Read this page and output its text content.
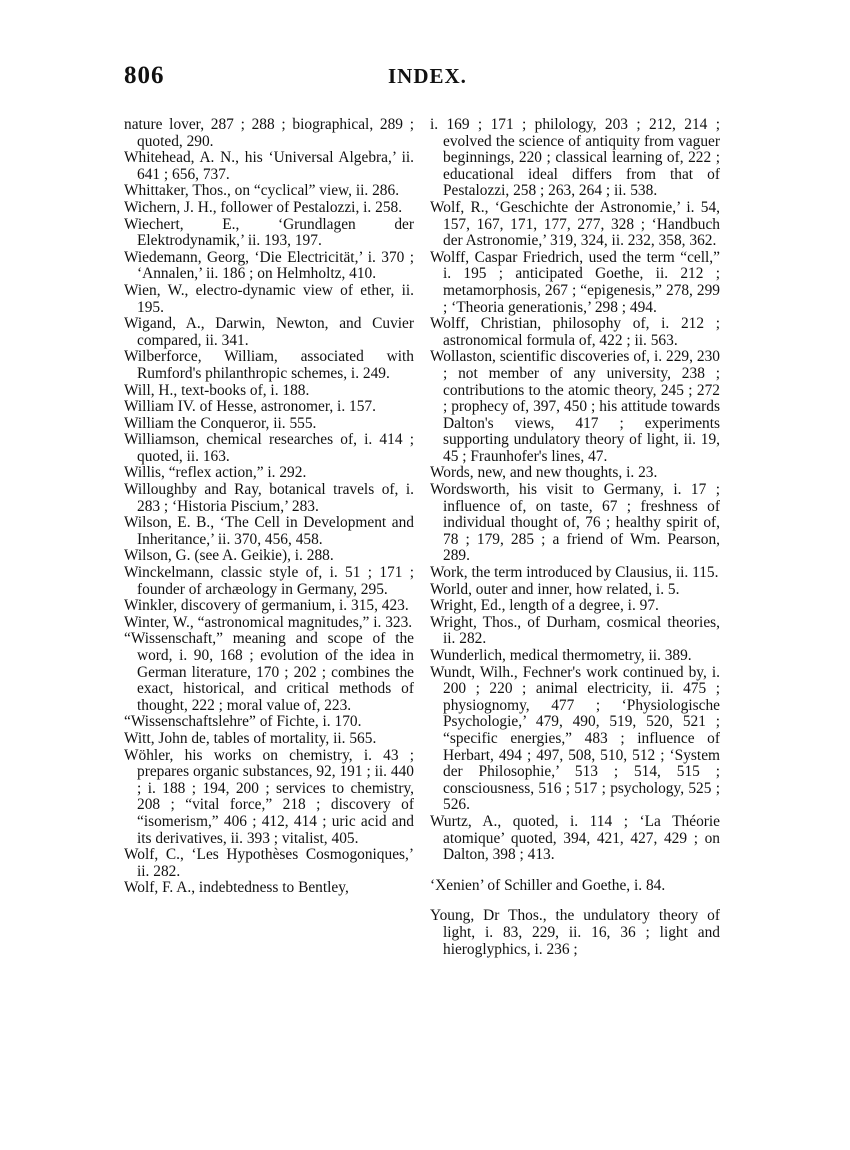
806	INDEX.

nature lover, 287 ; 288 ; biographical, 289 ; quoted, 290.

Whitehead, A. N., his ‘Universal Algebra,’ ii. 641 ; 656, 737.

Whittaker, Thos., on “cyclical” view, ii. 286.

Wichern, J. H., follower of Pestalozzi, i. 258.

Wiechert, E., ‘Grundlagen der Elektrodynamik,’ ii. 193, 197.

Wiedemann, Georg, ‘Die Electricität,’ i. 370 ; ‘Annalen,’ ii. 186 ; on Helmholtz, 410.

Wien, W., electro-dynamic view of ether, ii. 195.

Wigand, A., Darwin, Newton, and Cuvier compared, ii. 341.

Wilberforce, William, associated with Rumford's philanthropic schemes, i. 249.

Will, H., text-books of, i. 188.

William IV. of Hesse, astronomer, i. 157.

William the Conqueror, ii. 555.

Williamson, chemical researches of, i. 414 ; quoted, ii. 163.

Willis, “reflex action,” i. 292.

Willoughby and Ray, botanical travels of, i. 283 ; ‘Historia Piscium,’ 283.

Wilson, E. B., ‘The Cell in Development and Inheritance,’ ii. 370, 456, 458.

Wilson, G. (see A. Geikie), i. 288.

Winckelmann, classic style of, i. 51 ; 171 ; founder of archæology in Germany, 295.

Winkler, discovery of germanium, i. 315, 423.

Winter, W., “astronomical magnitudes,” i. 323.

“Wissenschaft,” meaning and scope of the word, i. 90, 168 ; evolution of the idea in German literature, 170 ; 202 ; combines the exact, historical, and critical methods of thought, 222 ; moral value of, 223.

“Wissenschaftslehre” of Fichte, i. 170.

Witt, John de, tables of mortality, ii. 565.

Wöhler, his works on chemistry, i. 43 ; prepares organic substances, 92, 191 ; ii. 440 ; i. 188 ; 194, 200 ; services to chemistry, 208 ; “vital force,” 218 ; discovery of “isomerism,” 406 ; 412, 414 ; uric acid and its derivatives, ii. 393 ; vitalist, 405.

Wolf, C., ‘Les Hypothèses Cosmogoniques,’ ii. 282.

Wolf, F. A., indebtedness to Bentley,

i. 169 ; 171 ; philology, 203 ; 212, 214 ; evolved the science of antiquity from vaguer beginnings, 220 ; classical learning of, 222 ; educational ideal differs from that of Pestalozzi, 258 ; 263, 264 ; ii. 538.

Wolf, R., ‘Geschichte der Astronomie,’ i. 54, 157, 167, 171, 177, 277, 328 ; ‘Handbuch der Astronomie,’ 319, 324, ii. 232, 358, 362.

Wolff, Caspar Friedrich, used the term “cell,” i. 195 ; anticipated Goethe, ii. 212 ; metamorphosis, 267 ; “epigenesis,” 278, 299 ; ‘Theoria generationis,’ 298 ; 494.

Wolff, Christian, philosophy of, i. 212 ; astronomical formula of, 422 ; ii. 563.

Wollaston, scientific discoveries of, i. 229, 230 ; not member of any university, 238 ; contributions to the atomic theory, 245 ; 272 ; prophecy of, 397, 450 ; his attitude towards Dalton's views, 417 ; experiments supporting undulatory theory of light, ii. 19, 45 ; Fraunhofer's lines, 47.

Words, new, and new thoughts, i. 23.

Wordsworth, his visit to Germany, i. 17 ; influence of, on taste, 67 ; freshness of individual thought of, 76 ; healthy spirit of, 78 ; 179, 285 ; a friend of Wm. Pearson, 289.

Work, the term introduced by Clausius, ii. 115.

World, outer and inner, how related, i. 5.

Wright, Ed., length of a degree, i. 97.

Wright, Thos., of Durham, cosmical theories, ii. 282.

Wunderlich, medical thermometry, ii. 389.

Wundt, Wilh., Fechner's work continued by, i. 200 ; 220 ; animal electricity, ii. 475 ; physiognomy, 477 ; ‘Physiologische Psychologie,’ 479, 490, 519, 520, 521 ; “specific energies,” 483 ; influence of Herbart, 494 ; 497, 508, 510, 512 ; ‘System der Philosophie,’ 513 ; 514, 515 ; consciousness, 516 ; 517 ; psychology, 525 ; 526.

Wurtz, A., quoted, i. 114 ; ‘La Théorie atomique’ quoted, 394, 421, 427, 429 ; on Dalton, 398 ; 413.

‘Xenien’ of Schiller and Goethe, i. 84.

Young, Dr Thos., the undulatory theory of light, i. 83, 229, ii. 16, 36 ; light and hieroglyphics, i. 236 ;
